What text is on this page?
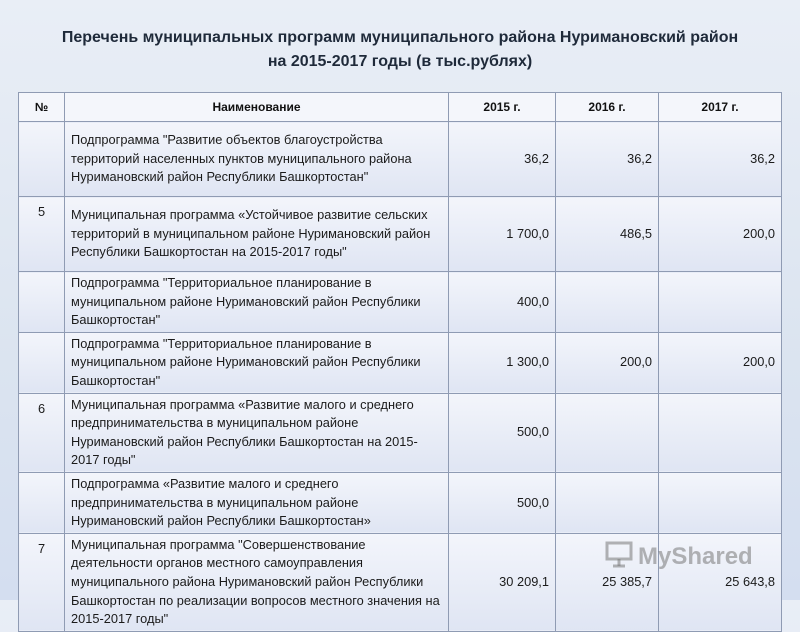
Перечень муниципальных программ муниципального района Нуримановский район
на 2015-2017 годы (в тыс.рублях)
№	Наименование	2015 г.	2016 г.	2017 г.
	Подпрограмма "Развитие объектов благоустройства территорий населенных пунктов муниципального района Нуримановский район Республики Башкортостан"	36,2	36,2	36,2
5	Муниципальная программа «Устойчивое развитие сельских территорий в муниципальном районе Нуримановский район Республики Башкортостан на 2015-2017 годы"	1 700,0	486,5	200,0
	Подпрограмма "Территориальное планирование в муниципальном районе Нуримановский район Республики Башкортостан"	400,0		
	Подпрограмма "Территориальное планирование в муниципальном районе Нуримановский район Республики Башкортостан"	1 300,0	200,0	200,0
6	Муниципальная программа «Развитие малого и среднего предпринимательства в муниципальном районе Нуримановский район Республики Башкортостан на 2015-2017 годы"	500,0		
	Подпрограмма «Развитие малого и среднего предпринимательства в муниципальном районе Нуримановский район Республики Башкортостан»	500,0		
7	Муниципальная программа "Совершенствование деятельности органов местного самоуправления муниципального района Нуримановский район Республики Башкортостан по реализации вопросов местного значения на 2015-2017 годы"	30 209,1	25 385,7	25 643,8
MyShared
